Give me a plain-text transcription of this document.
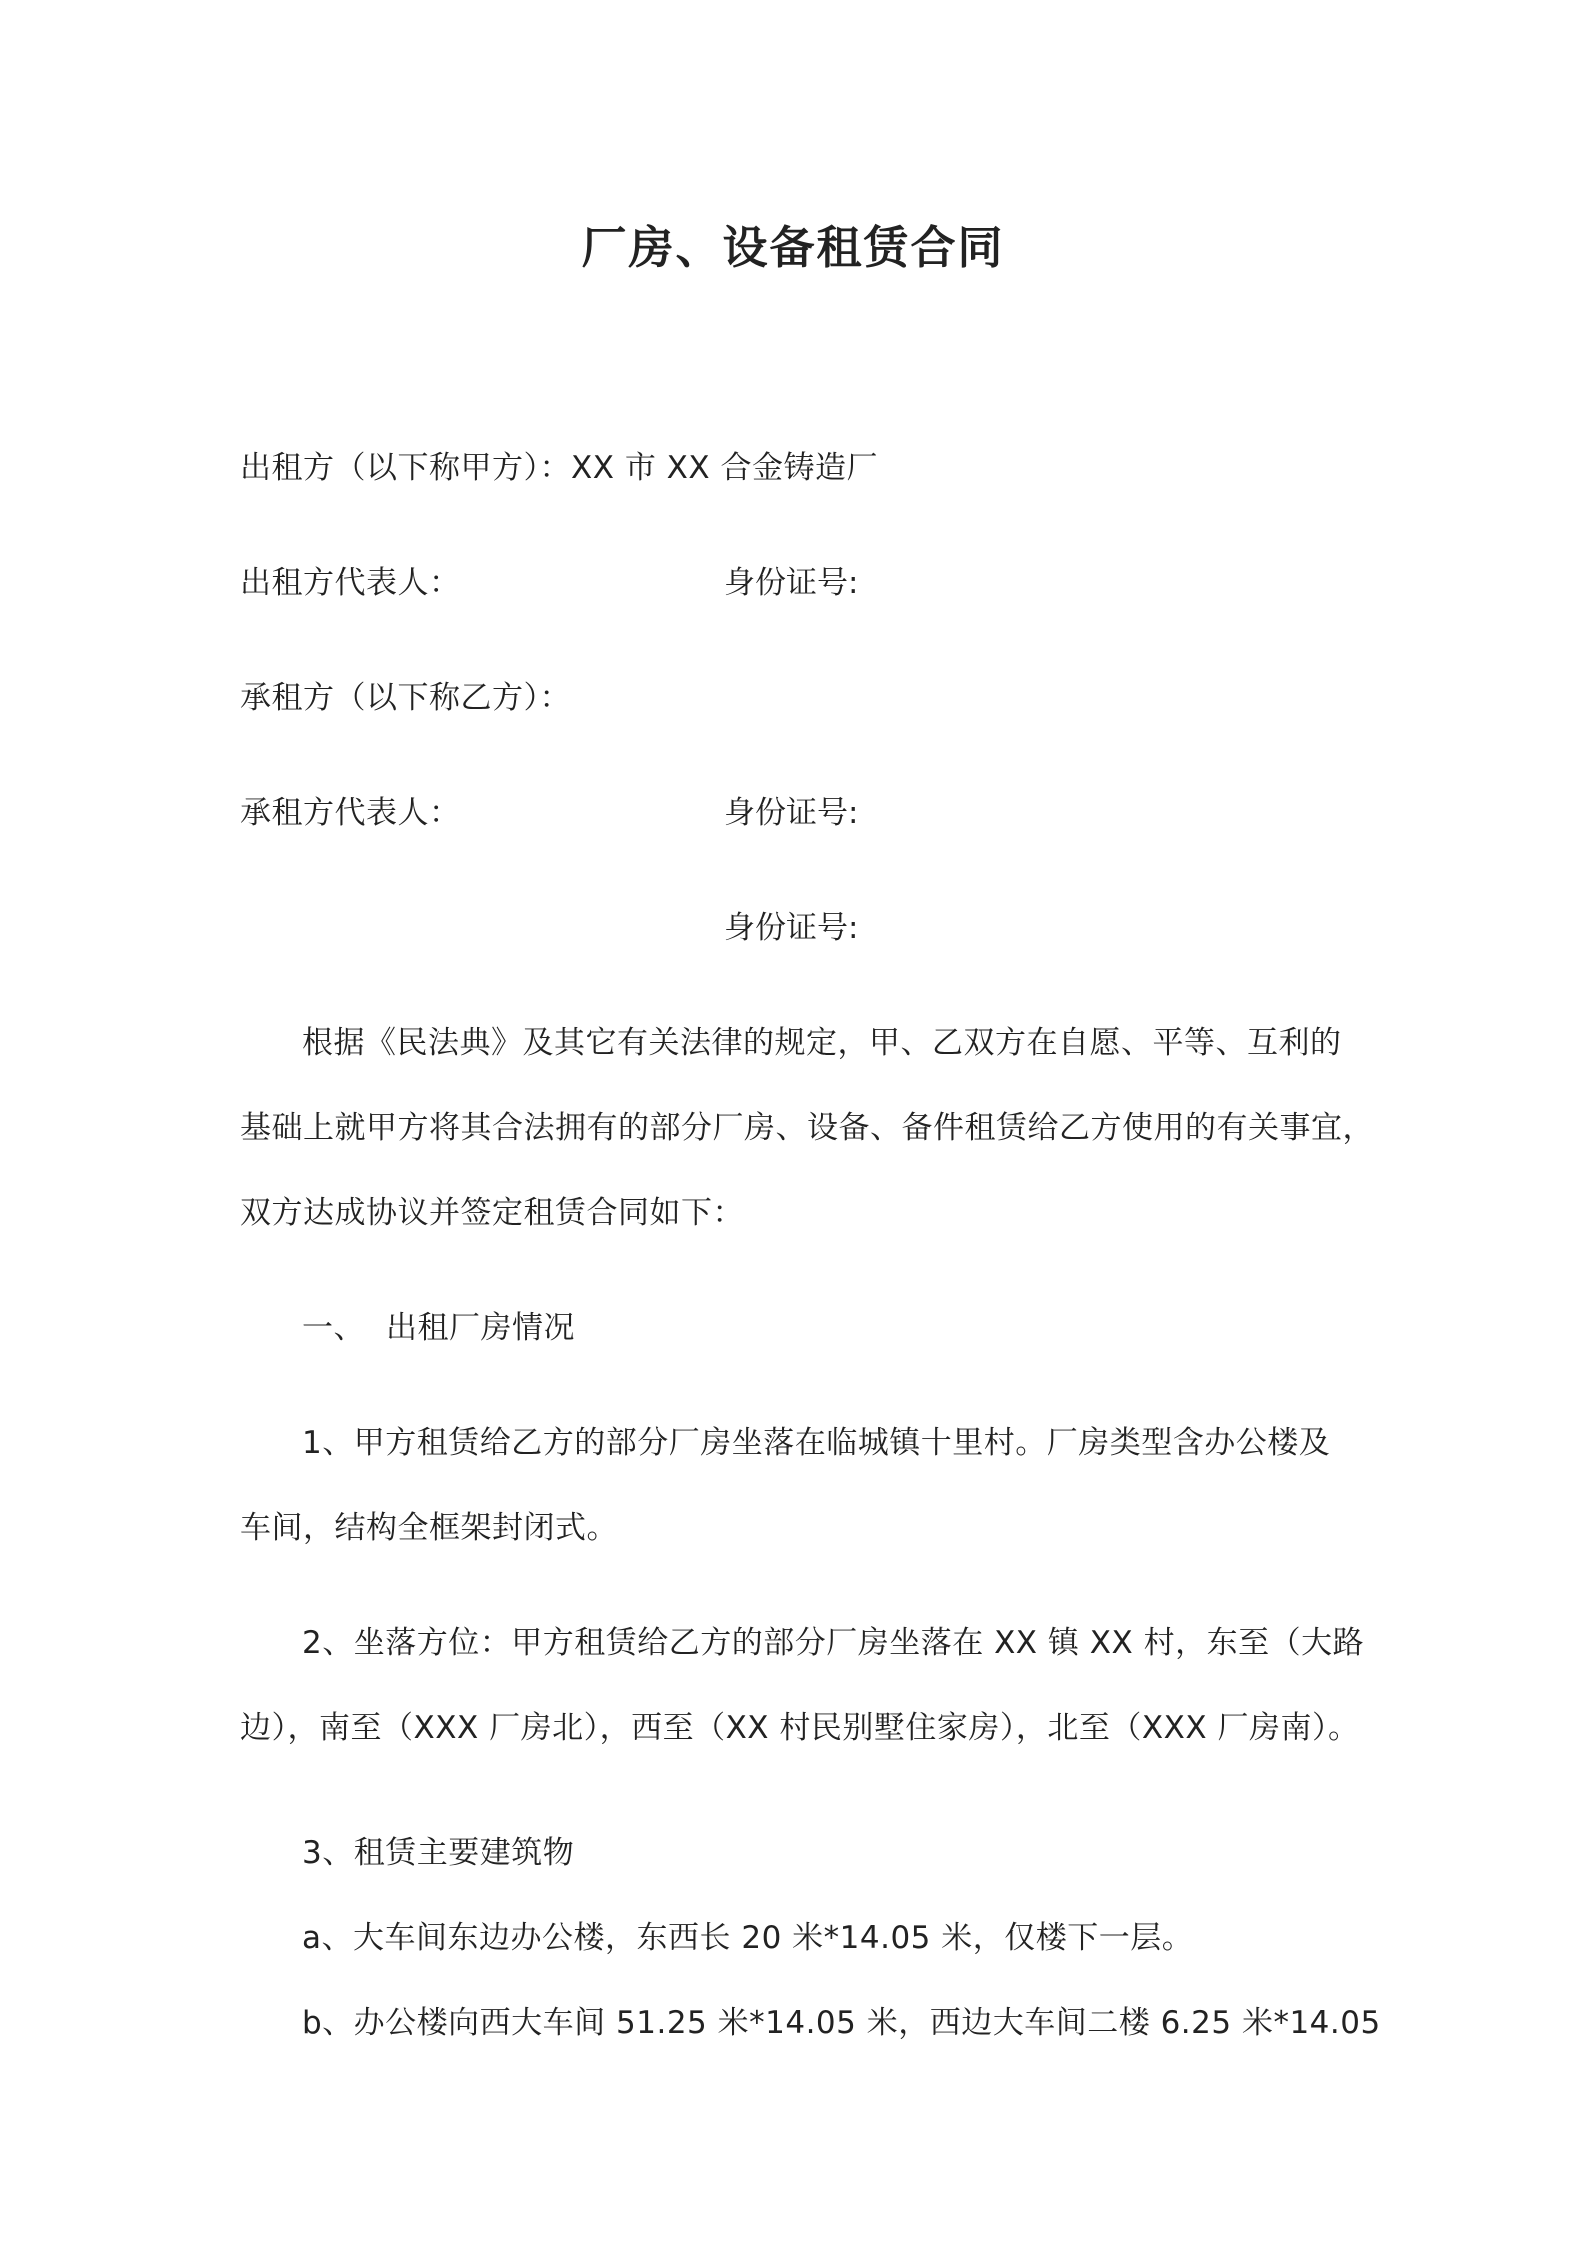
厂房、设备租赁合同
出租方（以下称甲方）：XX 市 XX 合金铸造厂
出租方代表人：	身份证号:
承租方（以下称乙方）：
承租方代表人：	身份证号:
身份证号:
根据《民法典》及其它有关法律的规定，甲、乙双方在自愿、平等、互利的
基础上就甲方将其合法拥有的部分厂房、设备、备件租赁给乙方使用的有关事宜，
双方达成协议并签定租赁合同如下：
一、 出租厂房情况
1、甲方租赁给乙方的部分厂房坐落在临城镇十里村。厂房类型含办公楼及
车间，结构全框架封闭式。
2、坐落方位：甲方租赁给乙方的部分厂房坐落在 XX 镇 XX 村，东至（大路
边），南至（XXX 厂房北），西至（XX 村民别墅住家房），北至（XXX 厂房南）。
3、租赁主要建筑物
a、大车间东边办公楼，东西长 20 米*14.05 米，仅楼下一层。
b、办公楼向西大车间 51.25 米*14.05 米，西边大车间二楼 6.25 米*14.05
